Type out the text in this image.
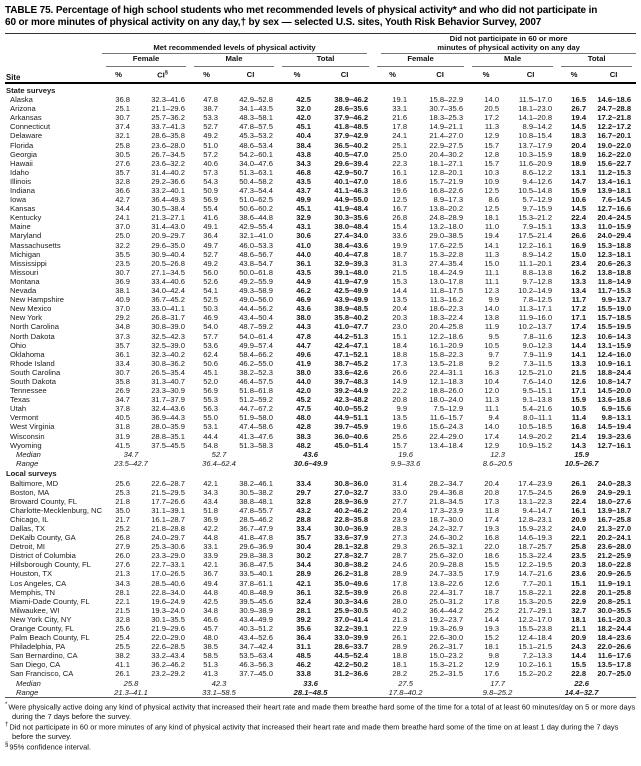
TABLE 75. Percentage of high school students who met recommended levels of physical activity* and who did not participate in
60 or more minutes of physical activity on any day,† by sex — selected U.S. sites, Youth Risk Behavior Survey, 2007

	Met recommended levels of physical activity						Did not participate in 60 or more
minutes of physical activity on any day					

	Female		Male		Total		Female		Male		Total	

Site	%	CI§	%	CI	%	CI	%	CI	%	CI	%	CI
State surveys												
Alaska	36.8	32.3–41.6	47.8	42.9–52.8	42.5	38.9–46.2	19.1	15.8–22.9	14.0	11.5–17.0	16.5	14.6–18.6
Arizona	25.1	21.1–29.6	38.7	34.1–43.5	32.0	28.6–35.6	33.1	30.7–35.6	20.5	18.1–23.0	26.7	24.7–28.8
Arkansas	30.7	25.7–36.2	53.3	48.3–58.1	42.0	37.9–46.2	21.6	18.3–25.3	17.2	14.1–20.8	19.4	17.2–21.8
Connecticut	37.4	33.7–41.3	52.7	47.8–57.5	45.1	41.8–48.5	17.8	14.9–21.1	11.3	8.9–14.2	14.5	12.2–17.2
Delaware	32.1	28.6–35.8	49.2	45.3–53.2	40.4	37.9–42.9	24.1	21.4–27.0	12.9	10.8–15.4	18.3	16.7–20.1
Florida	25.8	23.6–28.0	51.0	48.6–53.4	38.4	36.5–40.2	25.1	22.9–27.5	15.7	13.7–17.9	20.4	19.0–22.0
Georgia	30.5	26.7–34.5	57.2	54.2–60.1	43.8	40.5–47.0	25.0	20.4–30.2	12.8	10.3–15.9	18.9	16.2–22.0
Hawaii	27.6	23.6–32.2	40.6	34.0–47.6	34.3	29.6–39.4	22.3	18.1–27.1	15.7	11.6–20.9	18.9	15.6–22.7
Idaho	35.7	31.4–40.2	57.3	51.3–63.1	46.8	42.9–50.7	16.1	12.8–20.1	10.3	8.6–12.2	13.1	11.2–15.3
Illinois	32.8	29.2–36.6	54.3	50.4–58.2	43.5	40.1–47.0	18.6	15.7–21.9	10.9	9.4–12.6	14.7	13.4–16.1
Indiana	36.6	33.2–40.1	50.9	47.3–54.4	43.7	41.1–46.3	19.6	16.8–22.6	12.5	10.5–14.8	15.9	13.9–18.1
Iowa	42.7	36.4–49.3	56.9	51.0–62.5	49.9	44.9–55.0	12.5	8.9–17.3	8.6	5.7–12.9	10.6	7.6–14.5
Kansas	34.4	30.5–38.4	55.4	50.6–60.2	45.1	41.9–48.4	16.7	13.8–20.2	12.5	9.7–15.9	14.5	12.7–16.6
Kentucky	24.1	21.3–27.1	41.6	38.6–44.8	32.9	30.3–35.6	26.8	24.8–28.9	18.1	15.3–21.2	22.4	20.4–24.5
Maine	37.0	31.4–43.0	49.1	42.9–55.4	43.1	38.0–48.4	15.4	13.2–18.0	11.0	7.9–15.1	13.3	11.0–15.9
Maryland	25.0	20.9–29.7	36.4	32.1–41.0	30.6	27.4–34.0	33.6	29.0–38.5	19.4	17.5–21.4	26.6	24.0–29.4
Massachusetts	32.2	29.6–35.0	49.7	46.0–53.3	41.0	38.4–43.6	19.9	17.6–22.5	14.1	12.2–16.1	16.9	15.3–18.8
Michigan	35.5	30.9–40.4	52.7	48.6–56.7	44.0	40.4–47.8	18.7	15.3–22.8	11.3	8.9–14.2	15.0	12.3–18.1
Mississippi	23.5	20.5–26.8	49.2	43.8–54.7	36.1	32.9–39.3	31.3	27.4–35.4	15.0	11.1–20.1	23.4	20.6–26.3
Missouri	30.7	27.1–34.5	56.0	50.0–61.8	43.5	39.1–48.0	21.5	18.4–24.9	11.1	8.8–13.8	16.2	13.8–18.8
Montana	36.9	33.4–40.6	52.6	49.2–55.9	44.9	41.9–47.9	15.3	13.0–17.8	11.1	9.7–12.8	13.3	11.8–14.9
Nevada	38.1	34.0–42.4	54.1	49.3–58.9	46.2	42.5–49.9	14.4	11.8–17.5	12.3	10.2–14.9	13.4	11.7–15.3
New Hampshire	40.9	36.7–45.2	52.5	49.0–56.0	46.9	43.9–49.9	13.5	11.3–16.2	9.9	7.8–12.5	11.7	9.9–13.7
New Mexico	37.0	33.0–41.1	50.3	44.4–56.2	43.6	38.9–48.5	20.4	18.6–22.3	14.0	11.3–17.1	17.2	15.5–19.0
New York	29.2	26.8–31.7	46.9	43.4–50.4	38.0	35.8–40.2	20.3	18.3–22.4	13.8	11.9–16.0	17.1	15.7–18.5
North Carolina	34.8	30.8–39.0	54.0	48.7–59.2	44.3	41.0–47.7	23.0	20.4–25.8	11.9	10.2–13.7	17.4	15.5–19.5
North Dakota	37.3	32.5–42.3	57.7	54.0–61.4	47.8	44.2–51.3	15.1	12.2–18.6	9.5	7.8–11.6	12.3	10.6–14.3
Ohio	35.7	32.5–39.0	53.6	49.9–57.4	44.7	42.4–47.1	18.4	16.1–20.9	10.5	9.0–12.3	14.4	13.1–15.9
Oklahoma	36.1	32.3–40.2	62.4	58.4–66.2	49.6	47.1–52.1	18.8	15.8–22.3	9.7	7.9–11.9	14.1	12.4–16.0
Rhode Island	33.4	30.8–36.2	50.6	46.2–55.0	41.9	38.7–45.2	17.3	13.5–21.8	9.2	7.3–11.5	13.3	10.9–16.1
South Carolina	30.7	26.5–35.4	45.1	38.2–52.3	38.0	33.6–42.6	26.6	22.4–31.1	16.3	12.5–21.0	21.5	18.8–24.4
South Dakota	35.8	31.3–40.7	52.0	46.4–57.5	44.0	39.7–48.3	14.9	12.1–18.3	10.4	7.6–14.0	12.6	10.8–14.7
Tennessee	26.9	23.3–30.9	56.9	51.8–61.8	42.0	39.2–44.9	22.2	18.8–26.0	12.0	9.5–15.1	17.1	14.5–20.0
Texas	34.7	31.7–37.9	55.3	51.2–59.2	45.2	42.3–48.2	20.8	18.0–24.0	11.3	9.1–13.8	15.9	13.6–18.6
Utah	37.8	32.4–43.6	56.3	44.7–67.2	47.5	40.0–55.2	9.9	7.5–12.9	11.1	5.4–21.6	10.5	6.9–15.6
Vermont	40.5	36.9–44.3	55.0	51.9–58.0	48.0	44.9–51.1	13.5	11.6–15.7	9.4	8.0–11.1	11.4	9.8–13.1
West Virginia	31.8	28.0–35.9	53.1	47.4–58.6	42.8	39.7–45.9	19.6	15.6–24.3	14.0	10.5–18.5	16.8	14.5–19.4
Wisconsin	31.9	28.8–35.1	44.4	41.3–47.6	38.3	36.0–40.6	25.6	22.4–29.0	17.4	14.9–20.2	21.4	19.3–23.6
Wyoming	41.5	37.5–45.5	54.8	51.3–58.3	48.2	45.0–51.4	15.7	13.4–18.4	12.9	10.9–15.2	14.3	12.7–16.1
Median	34.7		52.7		43.6		19.6		12.3		15.9	
Range	23.5–42.7		36.4–62.4		30.6–49.9		9.9–33.6		8.6–20.5		10.5–26.7	
Local surveys												
Baltimore, MD	25.6	22.6–28.7	42.1	38.2–46.1	33.4	30.8–36.0	31.4	28.2–34.7	20.4	17.4–23.9	26.1	24.0–28.3
Boston, MA	25.3	21.5–29.5	34.3	30.5–38.2	29.7	27.0–32.7	33.0	29.4–36.8	20.8	17.5–24.5	26.9	24.9–29.1
Broward County, FL	21.8	17.7–26.6	43.4	38.8–48.1	32.8	28.9–36.9	27.7	21.8–34.5	17.3	13.1–22.3	22.4	18.0–27.6
Charlotte-Mecklenburg, NC	35.0	31.1–39.1	51.8	47.8–55.7	43.2	40.2–46.2	20.4	17.3–23.9	11.8	9.4–14.7	16.1	13.9–18.7
Chicago, IL	21.7	16.1–28.7	36.9	28.5–46.2	28.8	22.8–35.8	23.9	18.7–30.0	17.4	12.8–23.1	20.9	16.7–25.8
Dallas, TX	25.2	21.8–28.8	42.2	36.7–47.9	33.4	30.0–36.9	28.3	24.2–32.7	19.3	15.9–23.2	24.0	21.3–27.0
DeKalb County, GA	26.8	24.0–29.7	44.8	41.8–47.8	35.7	33.6–37.9	27.3	24.6–30.2	16.8	14.6–19.3	22.1	20.2–24.1
Detroit, MI	27.9	25.3–30.6	33.1	29.6–36.9	30.4	28.1–32.8	29.3	26.5–32.1	22.0	18.7–25.7	25.8	23.6–28.0
District of Columbia	26.0	23.3–29.0	33.9	29.8–38.3	30.2	27.8–32.7	28.7	25.6–32.0	18.6	15.3–22.4	23.5	21.2–25.9
Hillsborough County, FL	27.6	22.7–33.1	42.1	36.8–47.5	34.4	30.8–38.2	24.6	20.9–28.8	15.5	12.2–19.5	20.3	18.0–22.8
Houston, TX	21.3	17.0–26.5	36.7	33.5–40.1	28.9	26.2–31.8	28.9	24.7–33.5	17.9	14.7–21.6	23.6	20.9–26.5
Los Angeles, CA	34.3	28.5–40.6	49.4	37.8–61.1	42.1	35.0–49.6	17.8	13.8–22.6	12.6	7.7–20.1	15.1	11.9–19.1
Memphis, TN	28.1	22.8–34.0	44.8	40.8–48.9	36.1	32.5–39.9	26.8	22.4–31.7	18.7	15.8–22.1	22.8	20.1–25.8
Miami-Dade County, FL	22.1	19.6–24.9	42.5	39.5–45.6	32.4	30.3–34.6	28.0	25.0–31.2	17.8	15.3–20.5	22.9	20.8–25.1
Milwaukee, WI	21.5	19.3–24.0	34.8	30.9–38.9	28.1	25.9–30.5	40.2	36.4–44.2	25.2	21.7–29.1	32.7	30.0–35.5
New York City, NY	32.8	30.1–35.5	46.6	43.4–49.9	39.2	37.0–41.4	21.3	19.2–23.7	14.4	12.2–17.0	18.1	16.1–20.3
Orange County, FL	25.6	21.9–29.6	45.7	40.3–51.2	35.6	32.2–39.1	22.9	19.3–26.9	19.3	15.5–23.8	21.1	18.2–24.4
Palm Beach County, FL	25.4	22.0–29.0	48.0	43.4–52.6	36.4	33.0–39.9	26.1	22.6–30.0	15.2	12.4–18.4	20.9	18.4–23.6
Philadelphia, PA	25.5	22.6–28.5	38.5	34.7–42.4	31.1	28.6–33.7	28.9	26.2–31.7	18.1	15.1–21.5	24.3	22.0–26.6
San Bernardino, CA	38.2	33.2–43.4	58.5	53.5–63.4	48.5	44.5–52.4	18.8	15.0–23.2	9.8	7.2–13.3	14.4	11.6–17.6
San Diego, CA	41.1	36.2–46.2	51.3	46.3–56.3	46.2	42.2–50.2	18.1	15.3–21.2	12.9	10.2–16.1	15.5	13.5–17.8
San Francisco, CA	26.1	23.2–29.2	41.3	37.7–45.0	33.8	31.2–36.6	28.2	25.2–31.5	17.6	15.2–20.2	22.8	20.7–25.0
Median	25.8		42.3		33.6		27.5		17.7		22.6	
Range	21.3–41.1		33.1–58.5		28.1–48.5		17.8–40.2		9.8–25.2		14.4–32.7	
*Were physically active doing any kind of physical activity that increased their heart rate and made them breathe hard some of the time for a total of at least 60 minutes/day on 5 or more days during the 7 days before the survey.
†Did not participate in 60 or more minutes of any kind of physical activity that increased their heart rate and made them breathe hard some of the time on at least 1 day during the 7 days before the survey.
§95% confidence interval.
